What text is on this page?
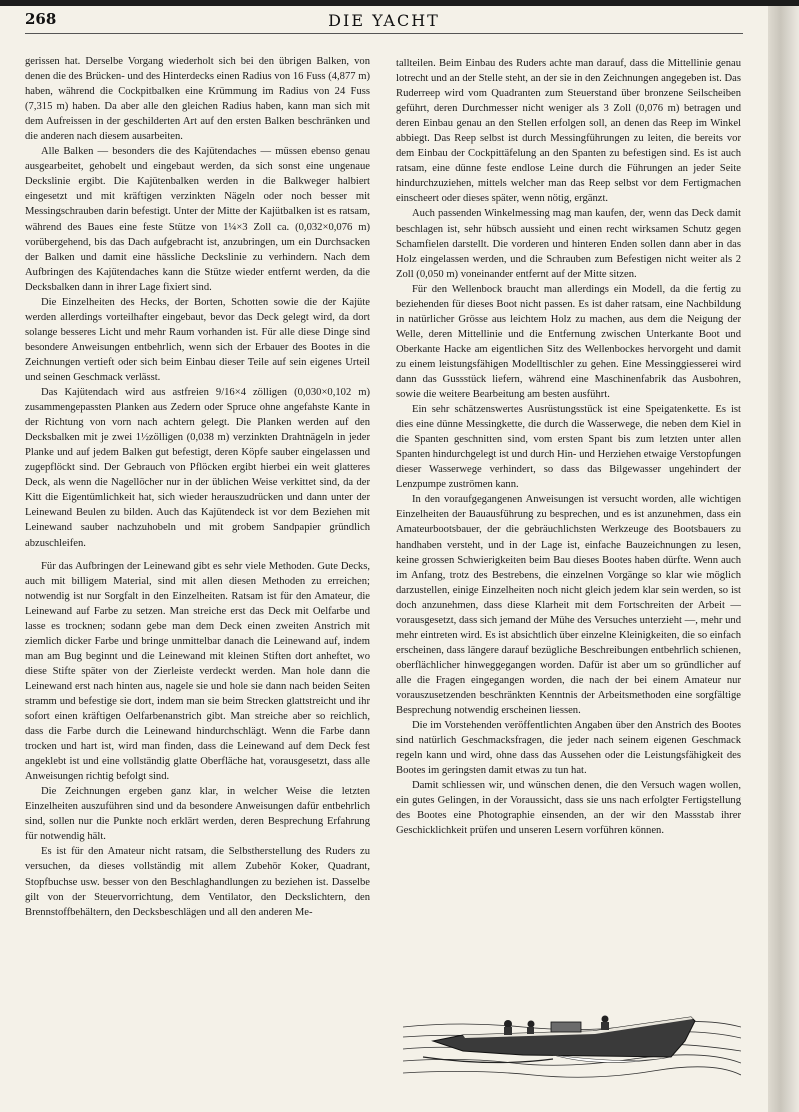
268	DIE YACHT

gerissen hat. Derselbe Vorgang wiederholt sich bei den übrigen Balken, von denen die des Brücken- und des Hinterdecks einen Radius von 16 Fuss (4,877 m) haben, während die Cockpitbalken eine Krümmung im Radius von 24 Fuss (7,315 m) haben. Da aber alle den gleichen Radius haben, kann man sich mit dem Aufreissen in der geschilderten Art auf den ersten Balken beschränken und die anderen nach diesem ausarbeiten.

Alle Balken — besonders die des Kajütendaches — müssen ebenso genau ausgearbeitet, gehobelt und eingebaut werden, da sich sonst eine ungenaue Deckslinie ergibt. Die Kajütenbalken werden in die Balkweger halbiert eingesetzt und mit kräftigen verzinkten Nägeln oder noch besser mit Messingschrauben darin befestigt. Unter der Mitte der Kajütbalken ist es ratsam, während des Baues eine feste Stütze von 1¼×3 Zoll ca. (0,032×0,076 m) vorübergehend, bis das Dach aufgebracht ist, anzubringen, um ein Durchsacken der Balken und damit eine hässliche Deckslinie zu verhindern. Nach dem Aufbringen des Kajütendaches kann die Stütze wieder entfernt werden, da die Decksbalken dann in ihrer Lage fixiert sind.

Die Einzelheiten des Hecks, der Borten, Schotten sowie die der Kajüte werden allerdings vorteilhafter eingebaut, bevor das Deck gelegt wird, da dort solange besseres Licht und mehr Raum vorhanden ist. Für alle diese Dinge sind besondere Anweisungen entbehrlich, wenn sich der Erbauer des Bootes in die Zeichnungen vertieft oder sich beim Einbau dieser Teile auf sein eigenes Urteil und seinen Geschmack verlässt.

Das Kajütendach wird aus astfreien 9/16×4 zölligen (0,030×0,102 m) zusammengepassten Planken aus Zedern oder Spruce ohne angefahste Kante in der Richtung von vorn nach achtern gelegt. Die Planken werden auf den Decksbalken mit je zwei 1½zölligen (0,038 m) verzinkten Drahtnägeln in jeder Planke und auf jedem Balken gut befestigt, deren Köpfe sauber eingelassen und zugepflöckt sind. Der Gebrauch von Pflöcken ergibt hierbei ein weit glatteres Deck, als wenn die Nagellöcher nur in der üblichen Weise verkittet sind, da der Kitt die Eigentümlichkeit hat, sich wieder herauszudrücken und dann unter der Leinewand Beulen zu bilden. Auch das Kajütendeck ist vor dem Beziehen mit Leinewand sauber nachzuhobeln und mit grobem Sandpapier gründlich abzuschleifen.

Für das Aufbringen der Leinewand gibt es sehr viele Methoden. Gute Decks, auch mit billigem Material, sind mit allen diesen Methoden zu erreichen; notwendig ist nur Sorgfalt in den Einzelheiten. Ratsam ist für den Amateur, die Leinewand auf Farbe zu setzen. Man streiche erst das Deck mit Oelfarbe und lasse es trocknen; sodann gebe man dem Deck einen zweiten Anstrich mit ziemlich dicker Farbe und bringe unmittelbar danach die Leinewand auf, indem man am Bug beginnt und die Leinewand mit kleinen Stiften dort anheftet, wo diese Stifte später von der Zierleiste verdeckt werden. Man hole dann die Leinewand erst nach hinten aus, nagele sie und hole sie dann nach beiden Seiten stramm und befestige sie dort, indem man sie beim Strecken glattstreicht und ihr sofort einen kräftigen Oelfarbenanstrich gibt. Man streiche aber so reichlich, dass die Farbe durch die Leinewand hindurchschlägt. Wenn die Farbe dann trocken und hart ist, wird man finden, dass die Leinewand auf dem Deck fest angeklebt ist und eine vollständig glatte Oberfläche hat, vorausgesetzt, dass alle Anweisungen richtig befolgt sind.

Die Zeichnungen ergeben ganz klar, in welcher Weise die letzten Einzelheiten auszuführen sind und da besondere Anweisungen dafür entbehrlich sind, sollen nur die Punkte noch erklärt werden, deren Besprechung Erfahrung für notwendig hält.

Es ist für den Amateur nicht ratsam, die Selbstherstellung des Ruders zu versuchen, da dieses vollständig mit allem Zubehör Koker, Quadrant, Stopfbuchse usw. besser von den Beschlaghandlungen zu beziehen ist. Dasselbe gilt von der Steuervorrichtung, dem Ventilator, den Deckslichtern, den Brennstoffbehältern, den Decksbeschlägen und all den anderen Me-

tallteilen. Beim Einbau des Ruders achte man darauf, dass die Mittellinie genau lotrecht und an der Stelle steht, an der sie in den Zeichnungen angegeben ist. Das Ruderreep wird vom Quadranten zum Steuerstand über bronzene Seilscheiben geführt, deren Durchmesser nicht weniger als 3 Zoll (0,076 m) betragen und deren Einbau genau an den Stellen erfolgen soll, an denen das Reep im Winkel abbiegt. Das Reep selbst ist durch Messingführungen zu leiten, die bereits vor dem Einbau der Cockpittäfelung an den Spanten zu befestigen sind. Es ist auch ratsam, eine dünne feste endlose Leine durch die Führungen an jeder Seite hindurchzuziehen, mittels welcher man das Reep selbst vor dem Fertigmachen einscheert oder dieses später, wenn nötig, ergänzt.

Auch passenden Winkelmessing mag man kaufen, der, wenn das Deck damit beschlagen ist, sehr hübsch aussieht und einen recht wirksamen Schutz gegen Schamfielen darstellt. Die vorderen und hinteren Enden sollen dann aber in das Holz eingelassen werden, und die Schrauben zum Befestigen nicht weiter als 2 Zoll (0,050 m) voneinander entfernt auf der Mitte sitzen.

Für den Wellenbock braucht man allerdings ein Modell, da die fertig zu beziehenden für dieses Boot nicht passen. Es ist daher ratsam, eine Nachbildung in natürlicher Grösse aus leichtem Holz zu machen, aus dem die Neigung der Welle, deren Mittellinie und die Entfernung zwischen Unterkante Boot und Oberkante Hacke am eigentlichen Sitz des Wellenbockes hervorgeht und damit zu einem leistungsfähigen Modelltischler zu gehen. Eine Messinggiesserei wird dann das Gussstück liefern, während eine Maschinenfabrik das Ausbohren, sowie die weitere Bearbeitung am besten ausführt.

Ein sehr schätzenswertes Ausrüstungsstück ist eine Speigatenkette. Es ist dies eine dünne Messingkette, die durch die Wasserwege, die neben dem Kiel in die Spanten geschnitten sind, vom ersten Spant bis zum letzten unter allen Spanten hindurchgelegt ist und durch Hin- und Herziehen etwaige Verstopfungen dieser Wasserwege verhindert, so dass das Bilgewasser ungehindert der Lenzpumpe zuströmen kann.

In den voraufgegangenen Anweisungen ist versucht worden, alle wichtigen Einzelheiten der Bauausführung zu besprechen, und es ist anzunehmen, dass ein Amateurbootsbauer, der die gebräuchlichsten Werkzeuge des Bootsbauers zu handhaben versteht, und in der Lage ist, einfache Bauzeichnungen zu lesen, keine grossen Schwierigkeiten beim Bau dieses Bootes haben dürfte. Wenn auch im Anfang, trotz des Bestrebens, die einzelnen Vorgänge so klar wie möglich darzustellen, einige Einzelheiten noch nicht gleich jedem klar sein werden, so ist doch anzunehmen, dass diese Klarheit mit dem Fortschreiten der Arbeit — vorausgesetzt, dass sich jemand der Mühe des Versuches unterzieht —, mehr und mehr eintreten wird. Es ist absichtlich über einzelne Kleinigkeiten, die so einfach erscheinen, dass längere darauf bezügliche Beschreibungen entbehrlich schienen, oberflächlicher hinweggegangen worden. Dafür ist aber um so gründlicher auf alle die Fragen eingegangen worden, die nach der bei einem Amateur nur vorauszusetzenden beschränkten Kenntnis der Arbeitsmethoden eine sorgfältige Besprechung notwendig erscheinen liessen.

Die im Vorstehenden veröffentlichten Angaben über den Anstrich des Bootes sind natürlich Geschmacksfragen, die jeder nach seinem eigenen Geschmack regeln kann und wird, ohne dass das Aussehen oder die Leistungsfähigkeit des Bootes im geringsten damit etwas zu tun hat.

Damit schliessen wir, und wünschen denen, die den Versuch wagen wollen, ein gutes Gelingen, in der Voraussicht, dass sie uns nach erfolgter Fertigstellung des Bootes eine Photographie einsenden, an der wir den Massstab ihrer Geschicklichkeit prüfen und unseren Lesern vorführen können.
